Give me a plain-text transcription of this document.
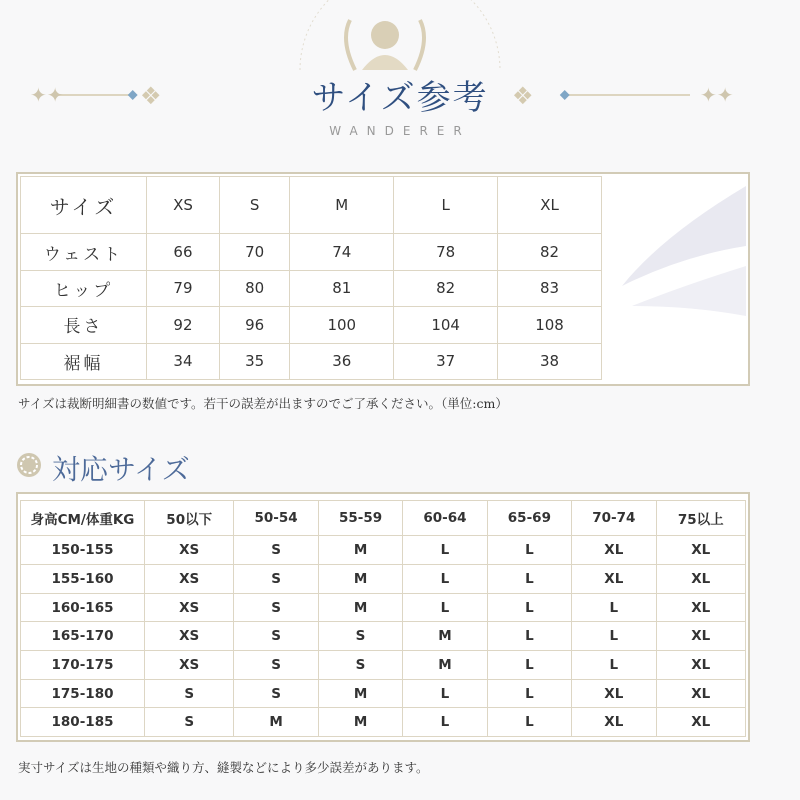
✦✦	✦✦
❖	❖
サイズ参考
WANDERER
サイズ	XS	S	M	L	XL
ウェスト	66	70	74	78	82
ヒップ	79	80	81	82	83
長さ	92	96	100	104	108
裾幅	34	35	36	37	38
サイズは裁断明細書の数値です。若干の誤差が出ますのでご了承ください。（単位:cm）
対応サイズ
身高CM/体重KG	50以下	50-54	55-59	60-64	65-69	70-74	75以上
150-155	XS	S	M	L	L	XL	XL
155-160	XS	S	M	L	L	XL	XL
160-165	XS	S	M	L	L	L	XL
165-170	XS	S	S	M	L	L	XL
170-175	XS	S	S	M	L	L	XL
175-180	S	S	M	L	L	XL	XL
180-185	S	M	M	L	L	XL	XL
実寸サイズは生地の種類や織り方、縫製などにより多少誤差があります。
